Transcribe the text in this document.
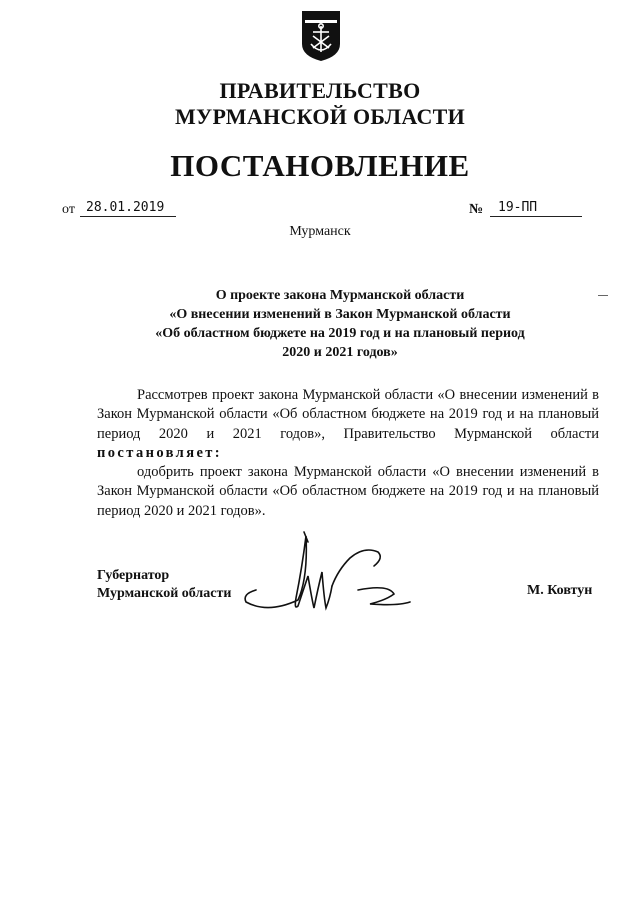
ПРАВИТЕЛЬСТВО
МУРМАНСКОЙ ОБЛАСТИ
ПОСТАНОВЛЕНИЕ
от 28.01.2019	№	19-ПП
Мурманск
О проекте закона Мурманской области
«О внесении изменений в Закон Мурманской области
«Об областном бюджете на 2019 год и на плановый период
2020 и 2021 годов»

Рассмотрев проект закона Мурманской области «О внесении изменений в Закон Мурманской области «Об областном бюджете на 2019 год и на плановый период 2020 и 2021 годов», Правительство Мурманской области постановляет:

одобрить проект закона Мурманской области «О внесении изменений в Закон Мурманской области «Об областном бюджете на 2019 год и на плановый период 2020 и 2021 годов».

Губернатор
Мурманской области	М. Ковтун
